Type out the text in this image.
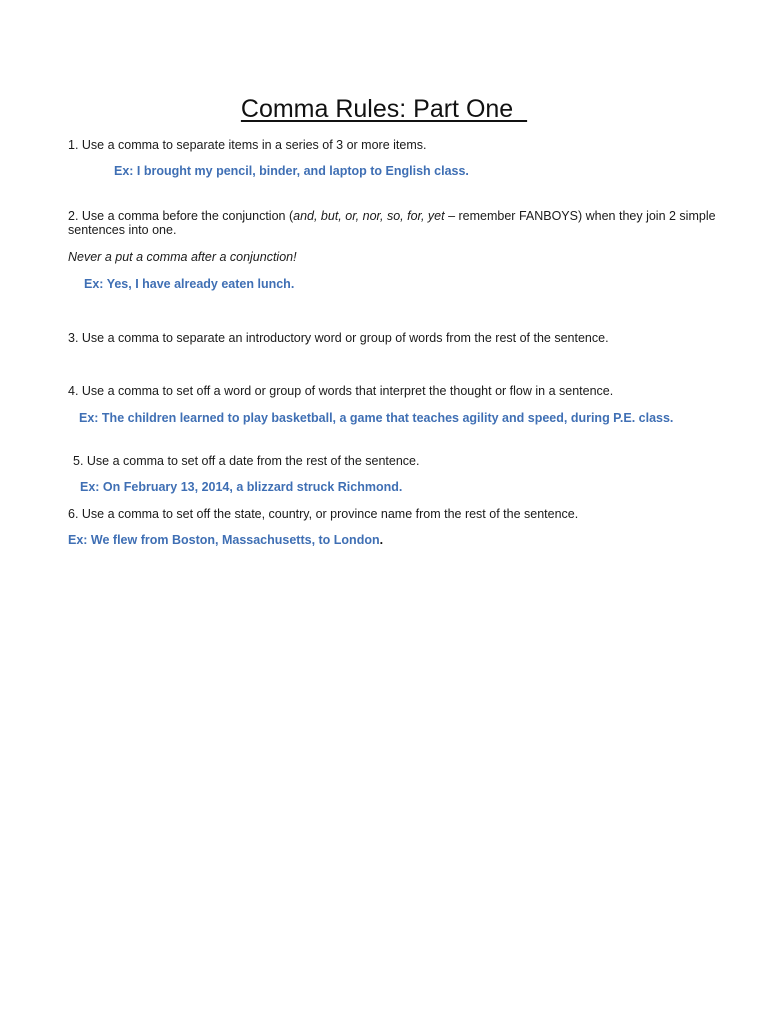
Comma Rules: Part One
1. Use a comma to separate items in a series of 3 or more items.
Ex: I brought my pencil, binder, and laptop to English class.
2. Use a comma before the conjunction (and, but, or, nor, so, for, yet – remember FANBOYS) when they join 2 simple sentences into one.
Never a put a comma after a conjunction!
Ex: Yes, I have already eaten lunch.
3. Use a comma to separate an introductory word or group of words from the rest of the sentence.
4. Use a comma to set off a word or group of words that interpret the thought or flow in a sentence.
Ex: The children learned to play basketball, a game that teaches agility and speed, during P.E. class.
5. Use a comma to set off a date from the rest of the sentence.
Ex: On February 13, 2014, a blizzard struck Richmond.
6. Use a comma to set off the state, country, or province name from the rest of the sentence.
Ex: We flew from Boston, Massachusetts, to London.
